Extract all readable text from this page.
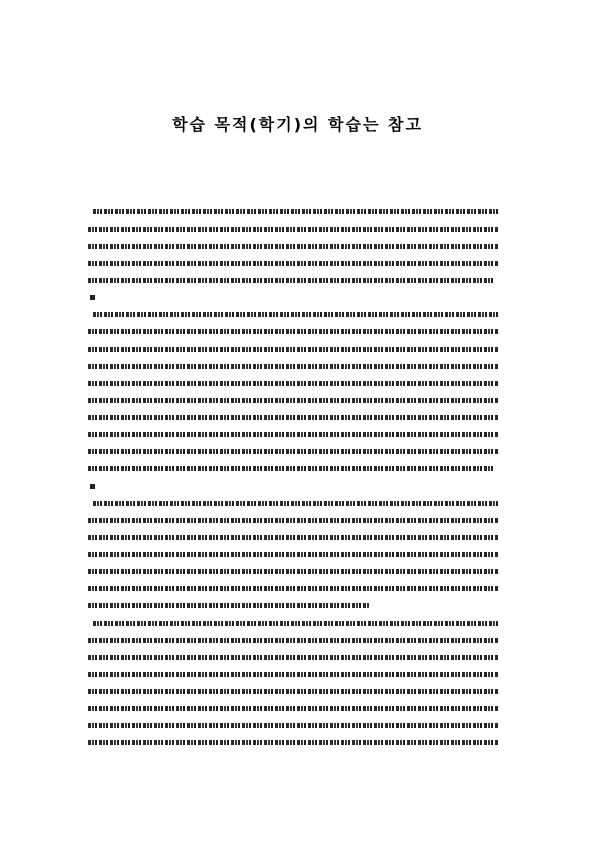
학습 목적(학기)의 학습는 참고
